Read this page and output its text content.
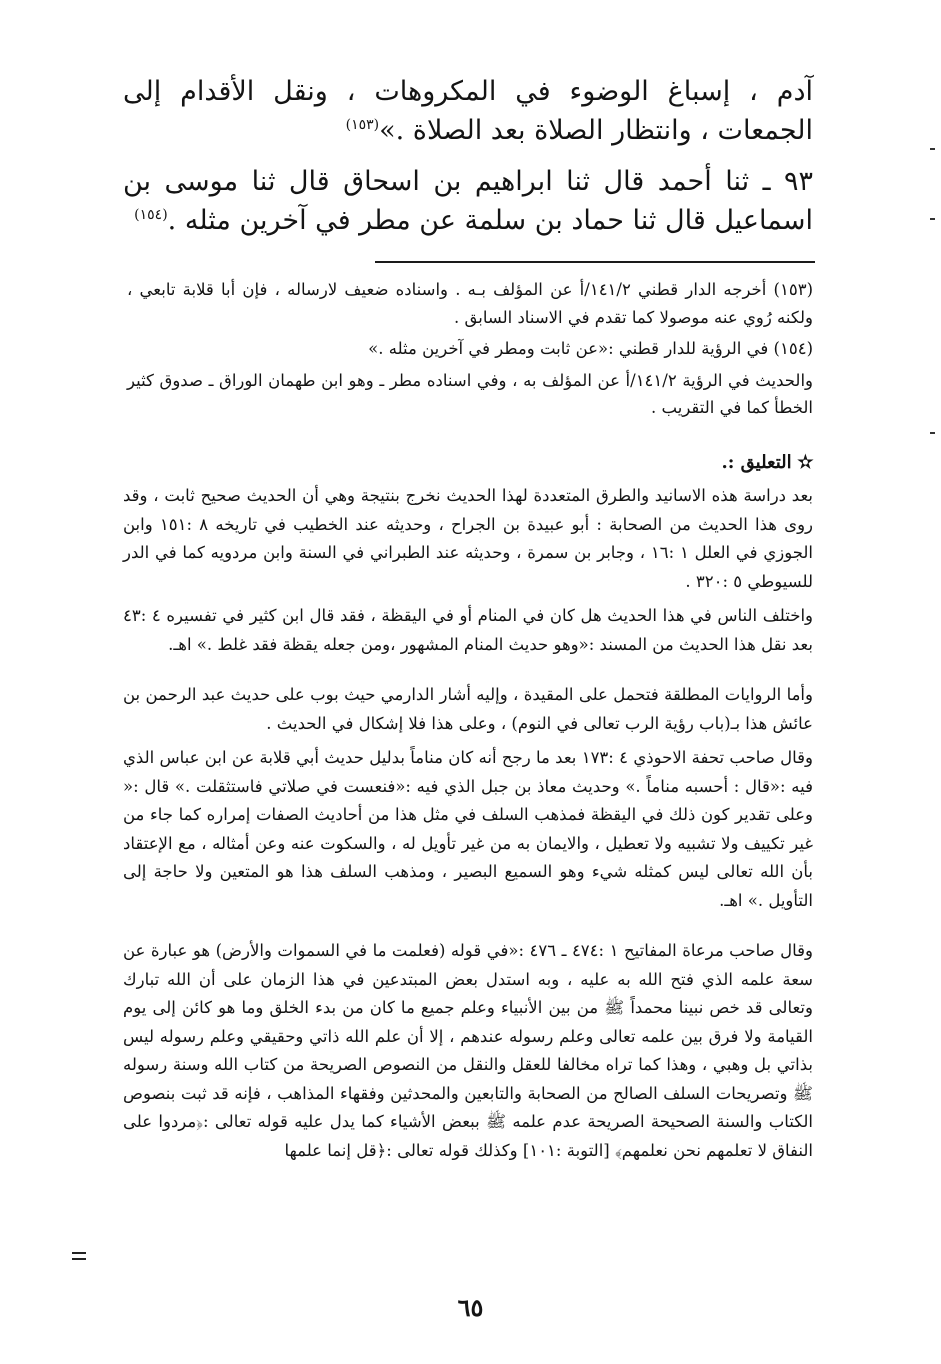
آدم ، إسباغ الوضوء في المكروهات ، ونقل الأقدام إلى الجمعات ، وانتظار الصلاة بعد الصلاة .»$^{(١٥٣)}$

٩٣ ـ ثنا أحمد قال ثنا ابراهيم بن اسحاق قال ثنا موسى بن اسماعيل قال ثنا حماد بن سلمة عن مطر في آخرين مثله .$^{(١٥٤)}$

(١٥٣) أخرجه الدار قطني ١٤١/٢/أ عن المؤلف بـه . واسناده ضعيف لارساله ، فإن أبا قلابة تابعي ، ولكنه رُوي عنه موصولا كما تقدم في الاسناد السابق .

(١٥٤) في الرؤية للدار قطني :«عن ثابت ومطر في آخرين مثله .»

والحديث في الرؤية ١٤١/٢/أ عن المؤلف به ، وفي اسناده مطر ـ وهو ابن طهمان الوراق ـ صدوق كثير الخطأ كما في التقريب .

✫ التعليق :.

بعد دراسة هذه الاسانيد والطرق المتعددة لهذا الحديث نخرج بنتيجة وهي أن الحديث صحيح ثابت ، وقد روى هذا الحديث من الصحابة : أبو عبيدة بن الجراح ، وحديثه عند الخطيب في تاريخه ٨ :١٥١ وابن الجوزي في العلل ١ :١٦ ، وجابر بن سمرة ، وحديثه عند الطبراني في السنة وابن مردويه كما في الدر للسيوطي ٥ :٣٢٠ .

واختلف الناس في هذا الحديث هل كان في المنام أو في اليقظة ، فقد قال ابن كثير في تفسيره ٤ :٤٣ بعد نقل هذا الحديث من المسند :«وهو حديث المنام المشهور ،ومن جعله يقظة فقد غلط .» اهـ.

وأما الروايات المطلقة فتحمل على المقيدة ، وإليه أشار الدارمي حيث بوب على حديث عبد الرحمن بن عائش هذا بـ(باب رؤية الرب تعالى في النوم) ، وعلى هذا فلا إشكال في الحديث .

وقال صاحب تحفة الاحوذي ٤ :١٧٣ بعد ما رجح أنه كان مناماً بدليل حديث أبي قلابة عن ابن عباس الذي فيه :«قال : أحسبه مناماً .» وحديث معاذ بن جبل الذي فيه :«فنعست في صلاتي فاستثقلت .» قال :« وعلى تقدير كون ذلك في اليقظة فمذهب السلف في مثل هذا من أحاديث الصفات إمراره كما جاء من غير تكييف ولا تشبيه ولا تعطيل ، والايمان به من غير تأويل له ، والسكوت عنه وعن أمثاله ، مع الإعتقاد بأن الله تعالى ليس كمثله شيء وهو السميع البصير ، ومذهب السلف هذا هو المتعين ولا حاجة إلى التأويل .» اهـ.

وقال صاحب مرعاة المفاتيح ١ :٤٧٤ ـ ٤٧٦ :«في قوله (فعلمت ما في السموات والأرض) هو عبارة عن سعة علمه الذي فتح الله به عليه ، وبه استدل بعض المبتدعين في هذا الزمان على أن الله تبارك وتعالى قد خص نبينا محمداً ﷺ من بين الأنبياء وعلم جميع ما كان من بدء الخلق وما هو كائن إلى يوم القيامة ولا فرق بين علمه تعالى وعلم رسوله عندهم ، إلا أن علم الله ذاتي وحقيقي وعلم رسوله ليس بذاتي بل وهبي ، وهذا كما تراه مخالفا للعقل والنقل من النصوص الصريحة من كتاب الله وسنة رسوله ﷺ وتصريحات السلف الصالح من الصحابة والتابعين والمحدثين وفقهاء المذاهب ، فإنه قد ثبت بنصوص الكتاب والسنة الصحيحة الصريحة عدم علمه ﷺ ببعض الأشياء كما يدل عليه قوله تعالى :﴿مردوا على النفاق لا تعلمهم نحن نعلمهم﴾ [التوبة :١٠١] وكذلك قوله تعالى :﴿قل إنما علمها

٦٥
